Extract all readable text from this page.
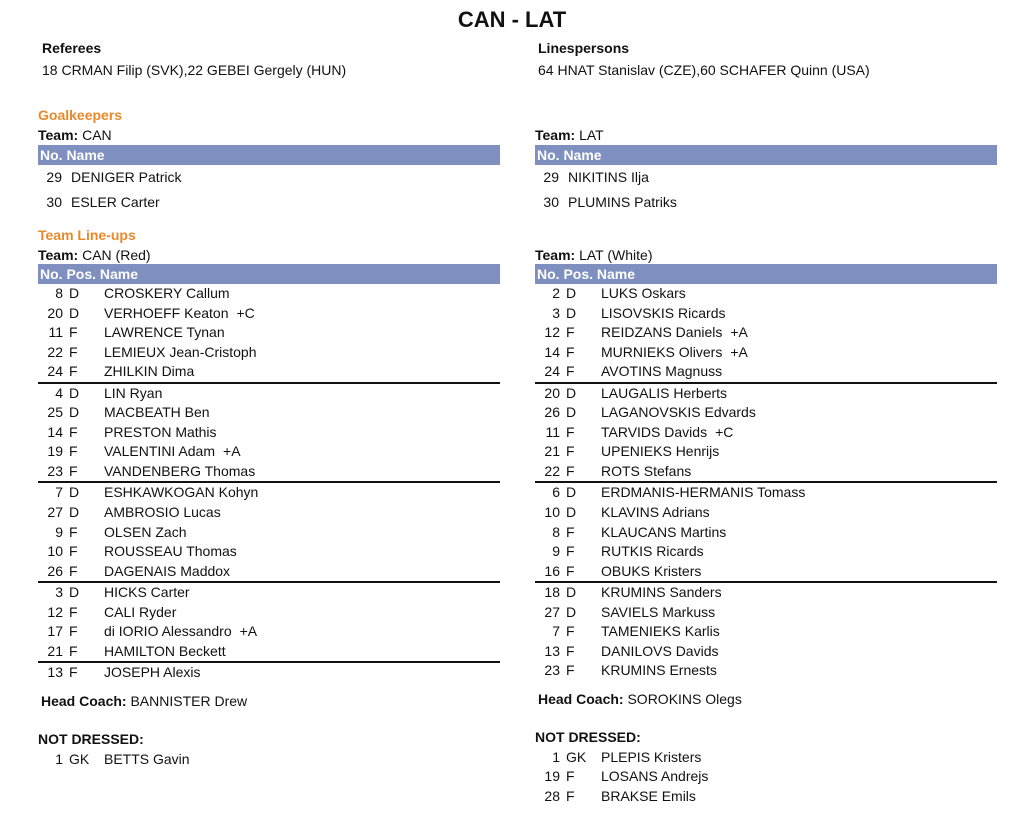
CAN - LAT
Referees
18 CRMAN Filip (SVK),22 GEBEI Gergely (HUN)
Linespersons
64 HNAT Stanislav (CZE),60 SCHAFER Quinn (USA)
Goalkeepers
Team: CAN
No. Name
29 DENIGER Patrick
30 ESLER Carter
Team: LAT
No. Name
29 NIKITINS Ilja
30 PLUMINS Patriks
Team Line-ups
Team: CAN (Red)
No. Pos. Name
8 D CROSKERY Callum
20 D VERHOEFF Keaton +C
11 F LAWRENCE Tynan
22 F LEMIEUX Jean-Cristoph
24 F ZHILKIN Dima
4 D LIN Ryan
25 D MACBEATH Ben
14 F PRESTON Mathis
19 F VALENTINI Adam +A
23 F VANDENBERG Thomas
7 D ESHKAWKOGAN Kohyn
27 D AMBROSIO Lucas
9 F OLSEN Zach
10 F ROUSSEAU Thomas
26 F DAGENAIS Maddox
3 D HICKS Carter
12 F CALI Ryder
17 F di IORIO Alessandro +A
21 F HAMILTON Beckett
13 F JOSEPH Alexis
Head Coach: BANNISTER Drew
NOT DRESSED:
1 GK BETTS Gavin
Team: LAT (White)
No. Pos. Name
2 D LUKS Oskars
3 D LISOVSKIS Ricards
12 F REIDZANS Daniels +A
14 F MURNIEKS Olivers +A
24 F AVOTINS Magnuss
20 D LAUGALIS Herberts
26 D LAGANOVSKIS Edvards
11 F TARVIDS Davids +C
21 F UPENIEKS Henrijs
22 F ROTS Stefans
6 D ERDMANIS-HERMANIS Tomass
10 D KLAVINS Adrians
8 F KLAUCANS Martins
9 F RUTKIS Ricards
16 F OBUKS Kristers
18 D KRUMINS Sanders
27 D SAVIELS Markuss
7 F TAMENIEKS Karlis
13 F DANILOVS Davids
23 F KRUMINS Ernests
Head Coach: SOROKINS Olegs
NOT DRESSED:
1 GK PLEPIS Kristers
19 F LOSANS Andrejs
28 F BRAKSE Emils
